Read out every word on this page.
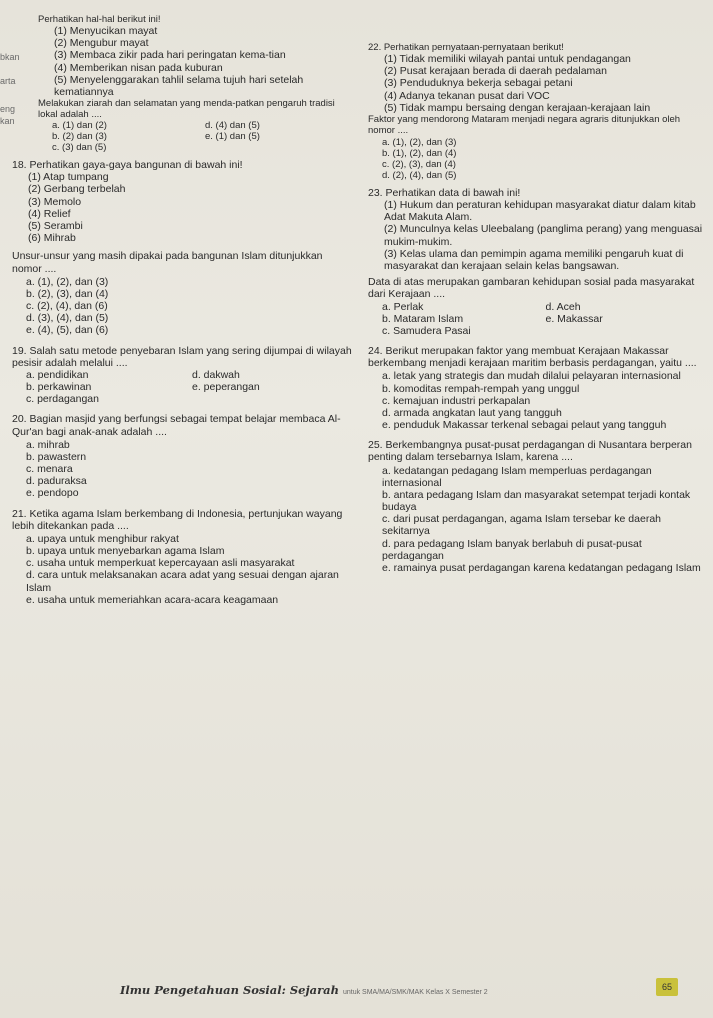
bkan
arta
eng
kan
Perhatikan hal-hal berikut ini!
(1) Menyucikan mayat
(2) Mengubur mayat
(3) Membaca zikir pada hari peringatan kema-tian
(4) Memberikan nisan pada kuburan
(5) Menyelenggarakan tahlil selama tujuh hari setelah kematiannya
Melakukan ziarah dan selamatan yang menda-patkan pengaruh tradisi lokal adalah ....
a. (1) dan (2)	d. (4) dan (5)
b. (2) dan (3)	e. (1) dan (5)
c. (3) dan (5)
18. Perhatikan gaya-gaya bangunan di bawah ini!
(1) Atap tumpang
(2) Gerbang terbelah
(3) Memolo
(4) Relief
(5) Serambi
(6) Mihrab
Unsur-unsur yang masih dipakai pada bangunan Islam ditunjukkan nomor ....
a. (1), (2), dan (3)
b. (2), (3), dan (4)
c. (2), (4), dan (6)
d. (3), (4), dan (5)
e. (4), (5), dan (6)
19. Salah satu metode penyebaran Islam yang sering dijumpai di wilayah pesisir adalah melalui ....
a. pendidikan	d. dakwah
b. perkawinan	e. peperangan
c. perdagangan
20. Bagian masjid yang berfungsi sebagai tempat belajar membaca Al-Qur'an bagi anak-anak adalah ....
a. mihrab
b. pawastern
c. menara
d. paduraksa
e. pendopo
21. Ketika agama Islam berkembang di Indonesia, pertunjukan wayang lebih ditekankan pada ....
a. upaya untuk menghibur rakyat
b. upaya untuk menyebarkan agama Islam
c. usaha untuk memperkuat kepercayaan asli masyarakat
d. cara untuk melaksanakan acara adat yang sesuai dengan ajaran Islam
e. usaha untuk memeriahkan acara-acara keagamaan
22. Perhatikan pernyataan-pernyataan berikut!
(1) Tidak memiliki wilayah pantai untuk pendagangan
(2) Pusat kerajaan berada di daerah pedalaman
(3) Penduduknya bekerja sebagai petani
(4) Adanya tekanan pusat dari VOC
(5) Tidak mampu bersaing dengan kerajaan-kerajaan lain
Faktor yang mendorong Mataram menjadi negara agraris ditunjukkan oleh nomor ....
a. (1), (2), dan (3)
b. (1), (2), dan (4)
c. (2), (3), dan (4)
d. (2), (4), dan (5)
23. Perhatikan data di bawah ini!
(1) Hukum dan peraturan kehidupan masyarakat diatur dalam kitab Adat Makuta Alam.
(2) Munculnya kelas Uleebalang (panglima perang) yang menguasai mukim-mukim.
(3) Kelas ulama dan pemimpin agama memiliki pengaruh kuat di masyarakat dan kerajaan selain kelas bangsawan.
Data di atas merupakan gambaran kehidupan sosial pada masyarakat dari Kerajaan ....
a. Perlak	d. Aceh
b. Mataram Islam	e. Makassar
c. Samudera Pasai
24. Berikut merupakan faktor yang membuat Kerajaan Makassar berkembang menjadi kerajaan maritim berbasis perdagangan, yaitu ....
a. letak yang strategis dan mudah dilalui pelayaran internasional
b. komoditas rempah-rempah yang unggul
c. kemajuan industri perkapalan
d. armada angkatan laut yang tangguh
e. penduduk Makassar terkenal sebagai pelaut yang tangguh
25. Berkembangnya pusat-pusat perdagangan di Nusantara berperan penting dalam tersebarnya Islam, karena ....
a. kedatangan pedagang Islam memperluas perdagangan internasional
b. antara pedagang Islam dan masyarakat setempat terjadi kontak budaya
c. dari pusat perdagangan, agama Islam tersebar ke daerah sekitarnya
d. para pedagang Islam banyak berlabuh di pusat-pusat perdagangan
e. ramainya pusat perdagangan karena kedatangan pedagang Islam
Ilmu Pengetahuan Sosial: Sejarah untuk SMA/MA/SMK/MAK Kelas X Semester 2
65
